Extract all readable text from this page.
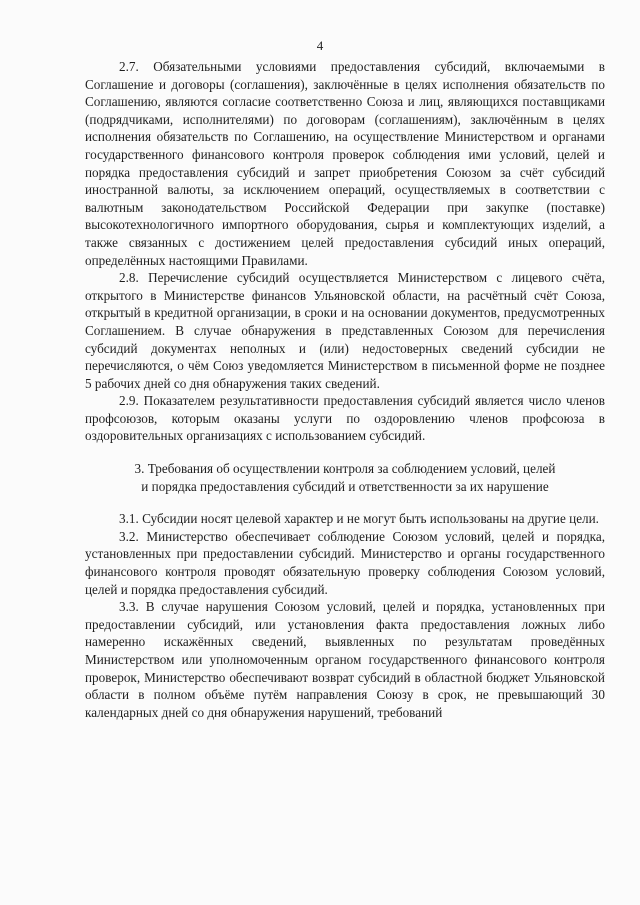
4

2.7. Обязательными условиями предоставления субсидий, включаемыми в Соглашение и договоры (соглашения), заключённые в целях исполнения обязательств по Соглашению, являются согласие соответственно Союза и лиц, являющихся поставщиками (подрядчиками, исполнителями) по договорам (соглашениям), заключённым в целях исполнения обязательств по Соглашению, на осуществление Министерством и органами государственного финансового контроля проверок соблюдения ими условий, целей и порядка предоставления субсидий и запрет приобретения Союзом за счёт субсидий иностранной валюты, за исключением операций, осуществляемых в соответствии с валютным законодательством Российской Федерации при закупке (поставке) высокотехнологичного импортного оборудования, сырья и комплектующих изделий, а также связанных с достижением целей предоставления субсидий иных операций, определённых настоящими Правилами.

2.8. Перечисление субсидий осуществляется Министерством с лицевого счёта, открытого в Министерстве финансов Ульяновской области, на расчётный счёт Союза, открытый в кредитной организации, в сроки и на основании документов, предусмотренных Соглашением. В случае обнаружения в представленных Союзом для перечисления субсидий документах неполных и (или) недостоверных сведений субсидии не перечисляются, о чём Союз уведомляется Министерством в письменной форме не позднее 5 рабочих дней со дня обнаружения таких сведений.

2.9. Показателем результативности предоставления субсидий является число членов профсоюзов, которым оказаны услуги по оздоровлению членов профсоюза в оздоровительных организациях с использованием субсидий.

3. Требования об осуществлении контроля за соблюдением условий, целей
и порядка предоставления субсидий и ответственности за их нарушение

3.1. Субсидии носят целевой характер и не могут быть использованы на другие цели.

3.2. Министерство обеспечивает соблюдение Союзом условий, целей и порядка, установленных при предоставлении субсидий. Министерство и органы государственного финансового контроля проводят обязательную проверку соблюдения Союзом условий, целей и порядка предоставления субсидий.

3.3. В случае нарушения Союзом условий, целей и порядка, установленных при предоставлении субсидий, или установления факта предоставления ложных либо намеренно искажённых сведений, выявленных по результатам проведённых Министерством или уполномоченным органом государственного финансового контроля проверок, Министерство обеспечивают возврат субсидий в областной бюджет Ульяновской области в полном объёме путём направления Союзу в срок, не превышающий 30 календарных дней со дня обнаружения нарушений, требований
